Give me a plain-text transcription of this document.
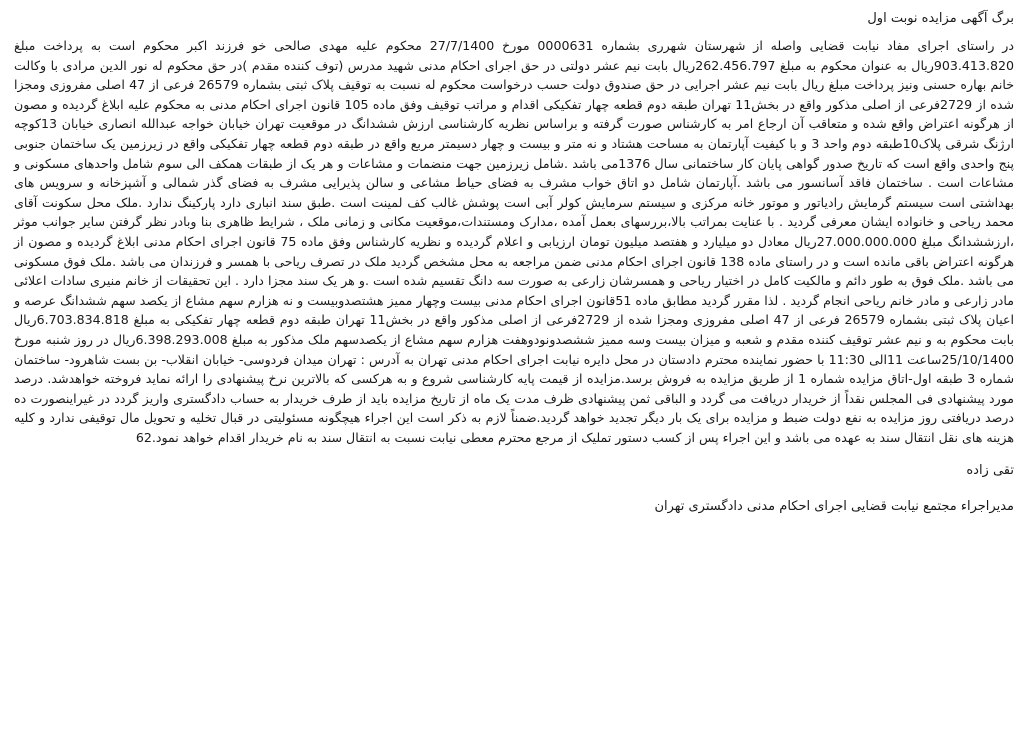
برگ آگهی مزایده نوبت اول

در راستای اجرای مفاد نیابت قضایی واصله از شهرستان شهرری بشماره 0000631 مورخ 27/7/1400 محکوم علیه مهدی صالحی خو فرزند اکبر محکوم است به پرداخت مبلغ 903.413.820ریال به عنوان محکوم به مبلغ 262.456.797ریال بابت نیم عشر دولتی در حق اجرای احکام مدنی شهید مدرس (توف کننده مقدم )در حق محکوم له نور الدین مرادی با وکالت خانم بهاره حسنی ونیز پرداخت مبلغ ریال بابت نیم عشر اجرایی در حق صندوق دولت حسب درخواست محکوم له نسبت به توقیف پلاک ثبتی بشماره 26579 فرعی از 47 اصلی مفروزی ومجزا شده از 2729فرعی از اصلی مذکور واقع در بخش11 تهران طبقه دوم قطعه چهار تفکیکی اقدام و مراتب توقیف وفق ماده 105 قانون اجرای احکام مدنی به محکوم علیه ابلاغ گردیده و مصون از هرگونه اعتراض واقع شده و متعاقب آن ارجاع امر به کارشناس صورت گرفته و براساس نظریه کارشناسی ارزش ششدانگ در موقعیت تهران خیابان خواجه عبدالله انصاری خیابان 13کوچه ارژنگ شرقی پلاک10طبقه دوم واحد 3 و با کیفیت آپارتمان به مساحت هشتاد و نه متر و بیست و چهار دسیمتر مربع واقع در طبقه دوم قطعه چهار تفکیکی واقع در زیرزمین یک ساختمان جنوبی پنج واحدی واقع است که تاریخ صدور گواهی پایان کار ساختمانی سال 1376می باشد .شامل زیرزمین جهت منضمات و مشاعات و هر یک از طبقات همکف الی سوم شامل واحدهای مسکونی و مشاعات است . ساختمان فاقد آسانسور می باشد .آپارتمان شامل دو اتاق خواب مشرف به فضای حیاط مشاعی و سالن پذیرایی مشرف به فضای گذر شمالی و آشپزخانه و سرویس های بهداشتی است سیستم گرمایش رادیاتور و موتور خانه مرکزی و سیستم سرمایش کولر آبی است پوشش غالب کف لمینت است .طبق سند انباری دارد پارکینگ ندارد .ملک محل سکونت آقای محمد ریاحی و خانواده ایشان معرفی گردید . با عنایت بمراتب بالا،بررسهای بعمل آمده ،مدارک ومستندات،موقعیت مکانی و زمانی ملک ، شرایط ظاهری بنا وبادر نظر گرفتن سایر جوانب موثر ،ارزششدانگ مبلغ 27.000.000.000ریال معادل دو میلیارد و هفتصد میلیون تومان ارزیابی و اعلام گردیده و نظریه کارشناس وفق ماده 75 قانون اجرای احکام مدنی ابلاغ گردیده و مصون از هرگونه اعتراض باقی مانده است و در راستای ماده 138 قانون اجرای احکام مدنی ضمن مراجعه به محل مشخص گردید ملک در تصرف ریاحی با همسر و فرزندان می باشد .ملک فوق مسکونی می باشد .ملک فوق به طور دائم و مالکیت کامل در اختیار ریاحی و همسرشان زارعی به صورت سه دانگ تقسیم شده است .و هر یک سند مجزا دارد . این تحقیقات از خانم منیری سادات اعلائی مادر زارعی و مادر خانم ریاحی انجام گردید . لذا مقرر گردید مطابق ماده 51قانون اجرای احکام مدنی بیست وچهار ممیز هشتصدوبیست و نه هزارم سهم مشاع از یکصد سهم ششدانگ عرصه و اعیان پلاک ثبتی بشماره 26579 فرعی از 47 اصلی مفروزی ومجزا شده از 2729فرعی از اصلی مذکور واقع در بخش11 تهران طبقه دوم قطعه چهار تفکیکی به مبلغ 6.703.834.818ریال بابت محکوم به و نیم عشر توقیف کننده مقدم و شعبه و میزان بیست وسه ممیز ششصدونودوهفت هزارم سهم مشاع از یکصدسهم ملک مذکور به مبلغ 6.398.293.008ریال در روز شنبه مورخ 25/10/1400ساعت 11الی 11:30 با حضور نماینده محترم دادستان در محل دایره نیابت اجرای احکام مدنی تهران به آدرس : تهران میدان فردوسی- خیابان انقلاب- بن بست شاهرود- ساختمان شماره 3 طبقه اول-اتاق مزایده شماره 1 از طریق مزایده به فروش برسد.مزایده از قیمت پایه کارشناسی شروع و به هرکسی که بالاترین نرخ پیشنهادی را ارائه نماید فروخته خواهدشد. درصد مورد پیشنهادی فی المجلس نقداً از خریدار دریافت می گردد و الباقی ثمن پیشنهادی ظرف مدت یک ماه از تاریخ مزایده باید از طرف خریدار به حساب دادگستری واریز گردد در غیراینصورت ده درصد دریافتی روز مزایده به نفع دولت ضبط و مزایده برای یک بار دیگر تجدید خواهد گردید.ضمناً لازم به ذکر است این اجراء هیچگونه مسئولیتی در قبال تخلیه و تحویل مال توقیفی ندارد و کلیه هزینه های نقل انتقال سند به عهده می باشد و این اجراء پس از کسب دستور تملیک از مرجع محترم معطی نیابت نسبت به انتقال سند به نام خریدار اقدام خواهد نمود.62

تقی زاده
مدیراجراء مجتمع نیابت قضایی اجرای احکام مدنی دادگستری تهران
